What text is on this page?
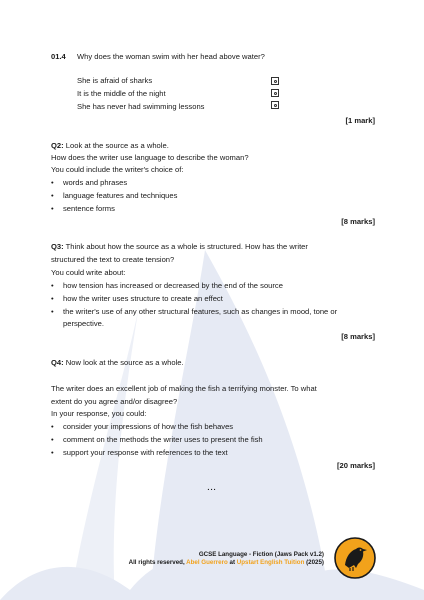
01.4 Why does the woman swim with her head above water?
She is afraid of sharks
It is the middle of the night
She has never had swimming lessons
[1 mark]
Q2: Look at the source as a whole.
How does the writer use language to describe the woman?
You could include the writer's choice of:
• words and phrases
• language features and techniques
• sentence forms
[8 marks]
Q3: Think about how the source as a whole is structured. How has the writer
structured the text to create tension?
You could write about:
• how tension has increased or decreased by the end of the source
• how the writer uses structure to create an effect
• the writer's use of any other structural features, such as changes in mood, tone or
perspective.
[8 marks]
Q4: Now look at the source as a whole.
The writer does an excellent job of making the fish a terrifying monster. To what
extent do you agree and/or disagree?
In your response, you could:
• consider your impressions of how the fish behaves
• comment on the methods the writer uses to present the fish
• support your response with references to the text
[20 marks]
...
GCSE Language - Fiction (Jaws Pack v1.2)
All rights reserved, Abel Guerrero at Upstart English Tuition (2025)
